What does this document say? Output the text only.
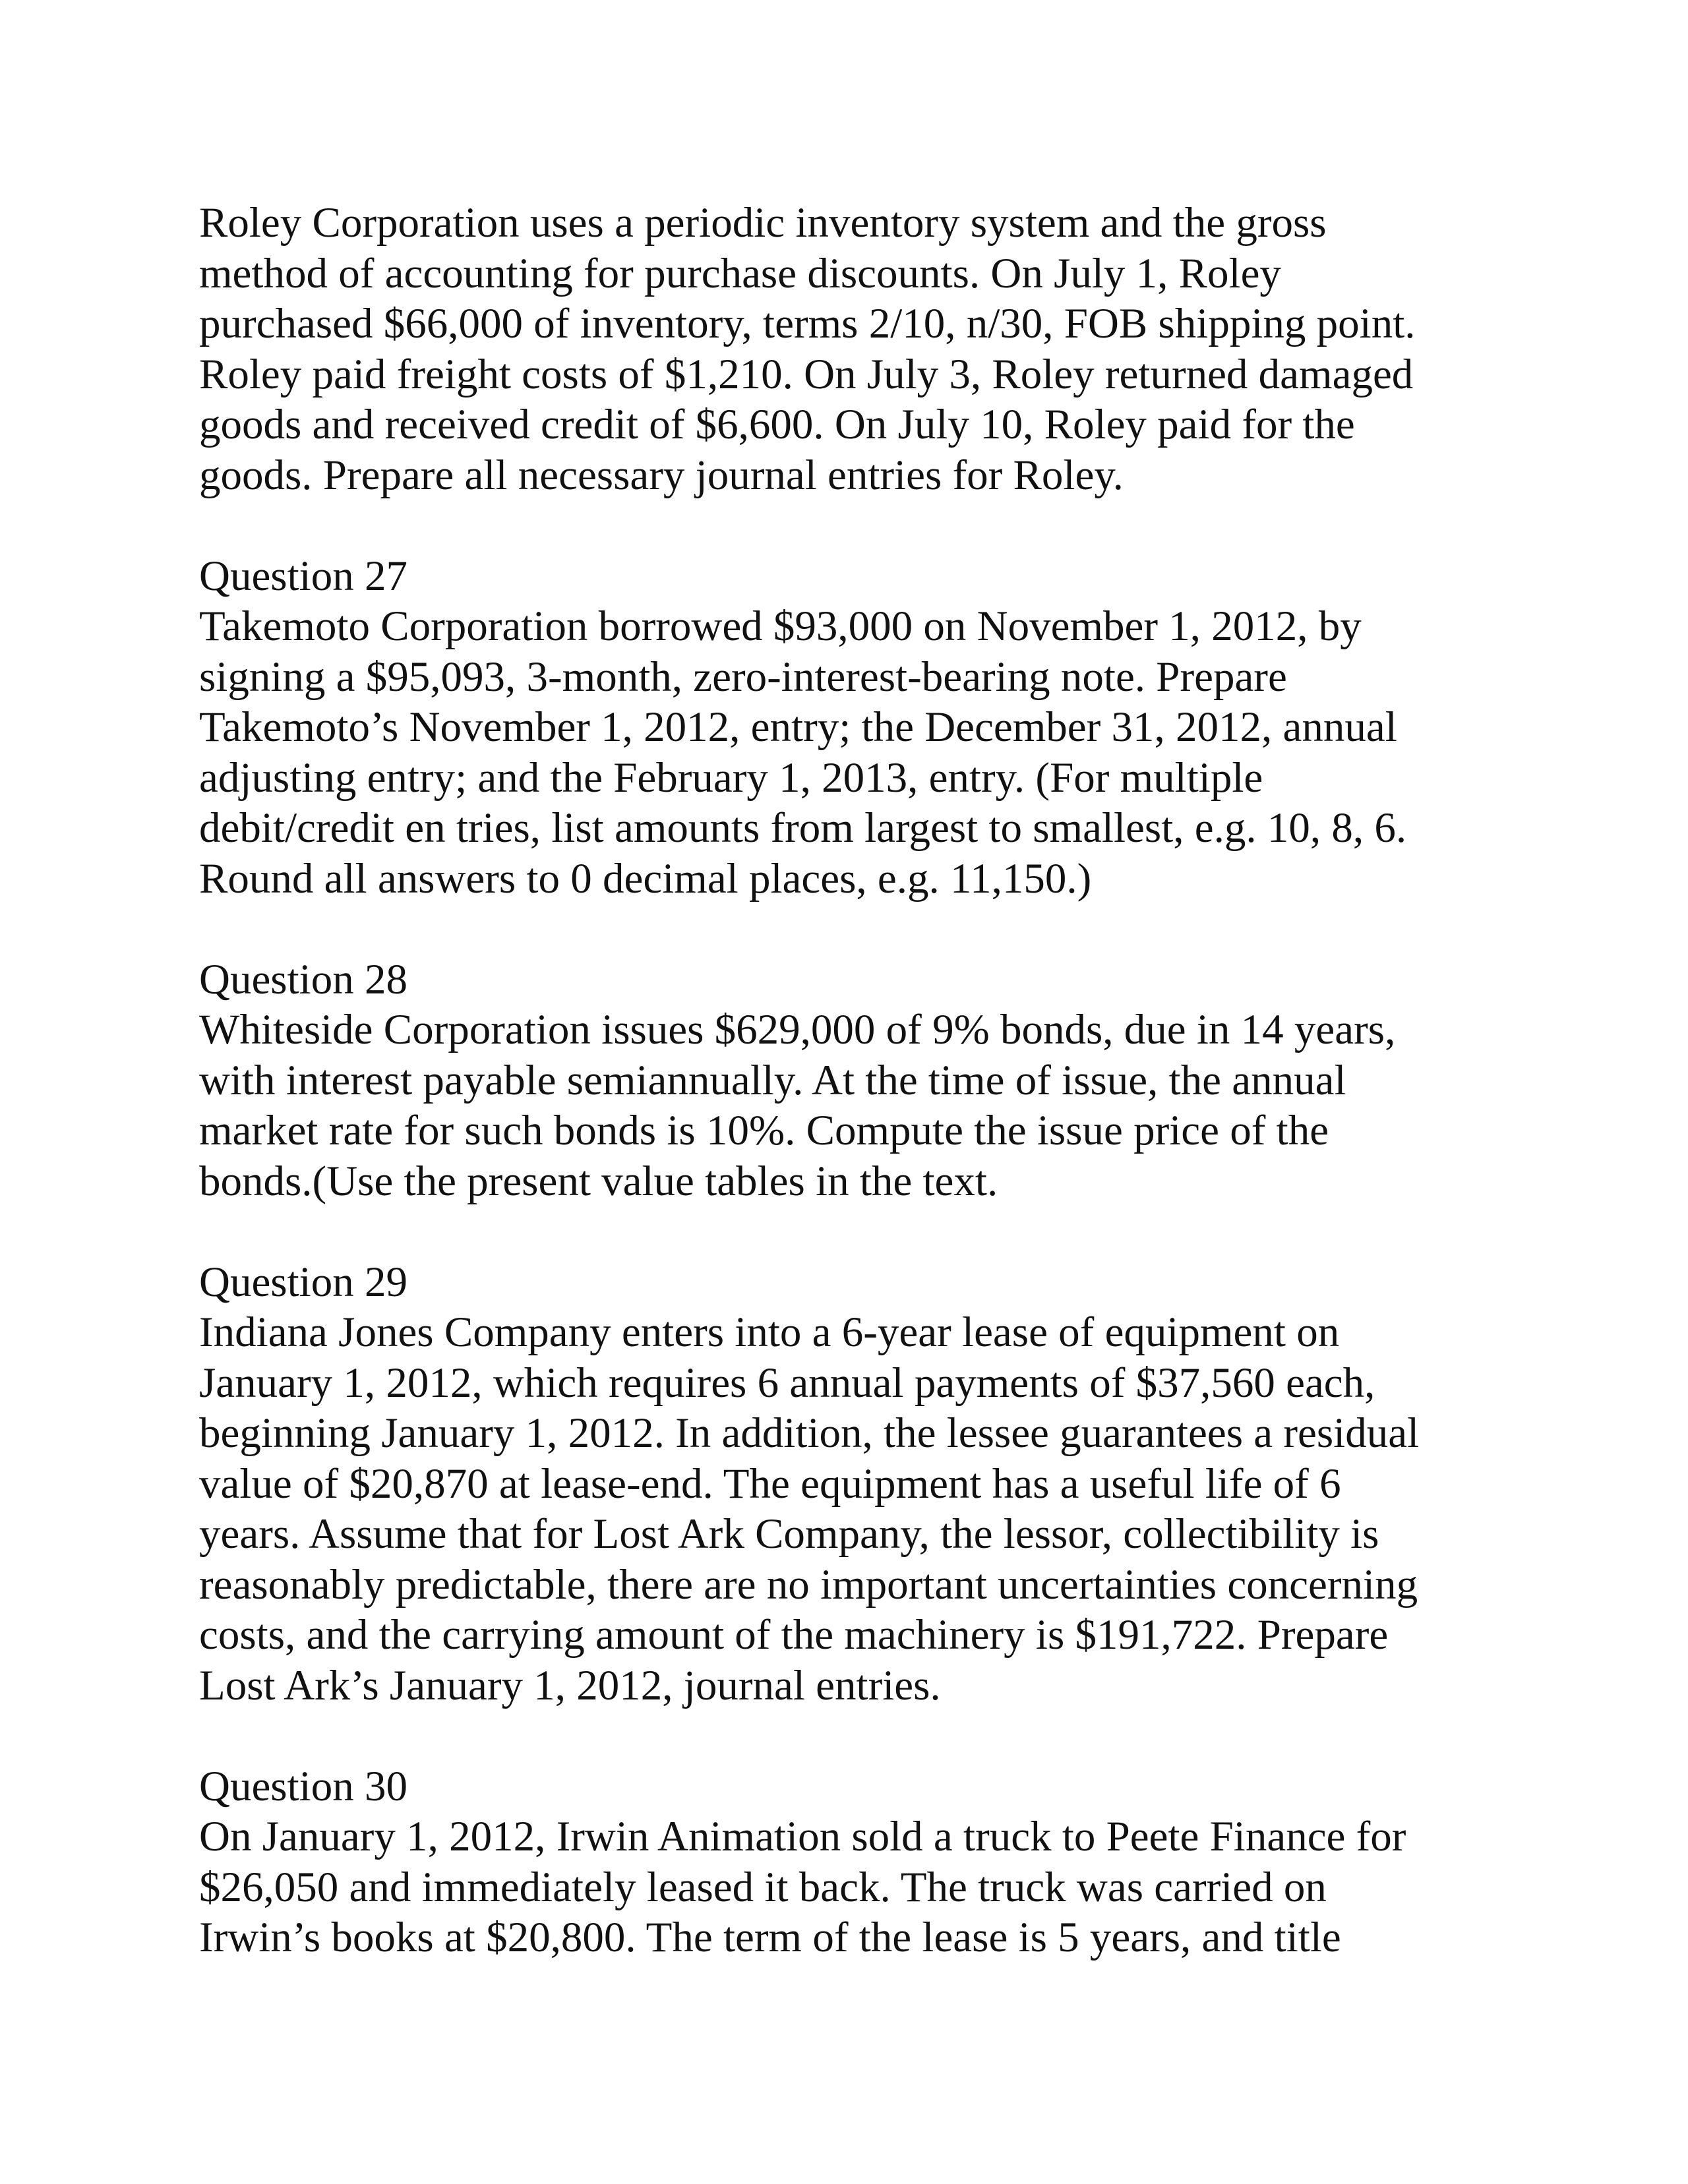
Roley Corporation uses a periodic inventory system and the gross
method of accounting for purchase discounts. On July 1, Roley
purchased $66,000 of inventory, terms 2/10, n/30, FOB shipping point.
Roley paid freight costs of $1,210. On July 3, Roley returned damaged
goods and received credit of $6,600. On July 10, Roley paid for the
goods. Prepare all necessary journal entries for Roley.
Question 27
Takemoto Corporation borrowed $93,000 on November 1, 2012, by
signing a $95,093, 3-month, zero-interest-bearing note. Prepare
Takemoto’s November 1, 2012, entry; the December 31, 2012, annual
adjusting entry; and the February 1, 2013, entry. (For multiple
debit/credit en tries, list amounts from largest to smallest, e.g. 10, 8, 6.
Round all answers to 0 decimal places, e.g. 11,150.)
Question 28
Whiteside Corporation issues $629,000 of 9% bonds, due in 14 years,
with interest payable semiannually. At the time of issue, the annual
market rate for such bonds is 10%. Compute the issue price of the
bonds.(Use the present value tables in the text.
Question 29
Indiana Jones Company enters into a 6-year lease of equipment on
January 1, 2012, which requires 6 annual payments of $37,560 each,
beginning January 1, 2012. In addition, the lessee guarantees a residual
value of $20,870 at lease-end. The equipment has a useful life of 6
years. Assume that for Lost Ark Company, the lessor, collectibility is
reasonably predictable, there are no important uncertainties concerning
costs, and the carrying amount of the machinery is $191,722. Prepare
Lost Ark’s January 1, 2012, journal entries.
Question 30
On January 1, 2012, Irwin Animation sold a truck to Peete Finance for
$26,050 and immediately leased it back. The truck was carried on
Irwin’s books at $20,800. The term of the lease is 5 years, and title
